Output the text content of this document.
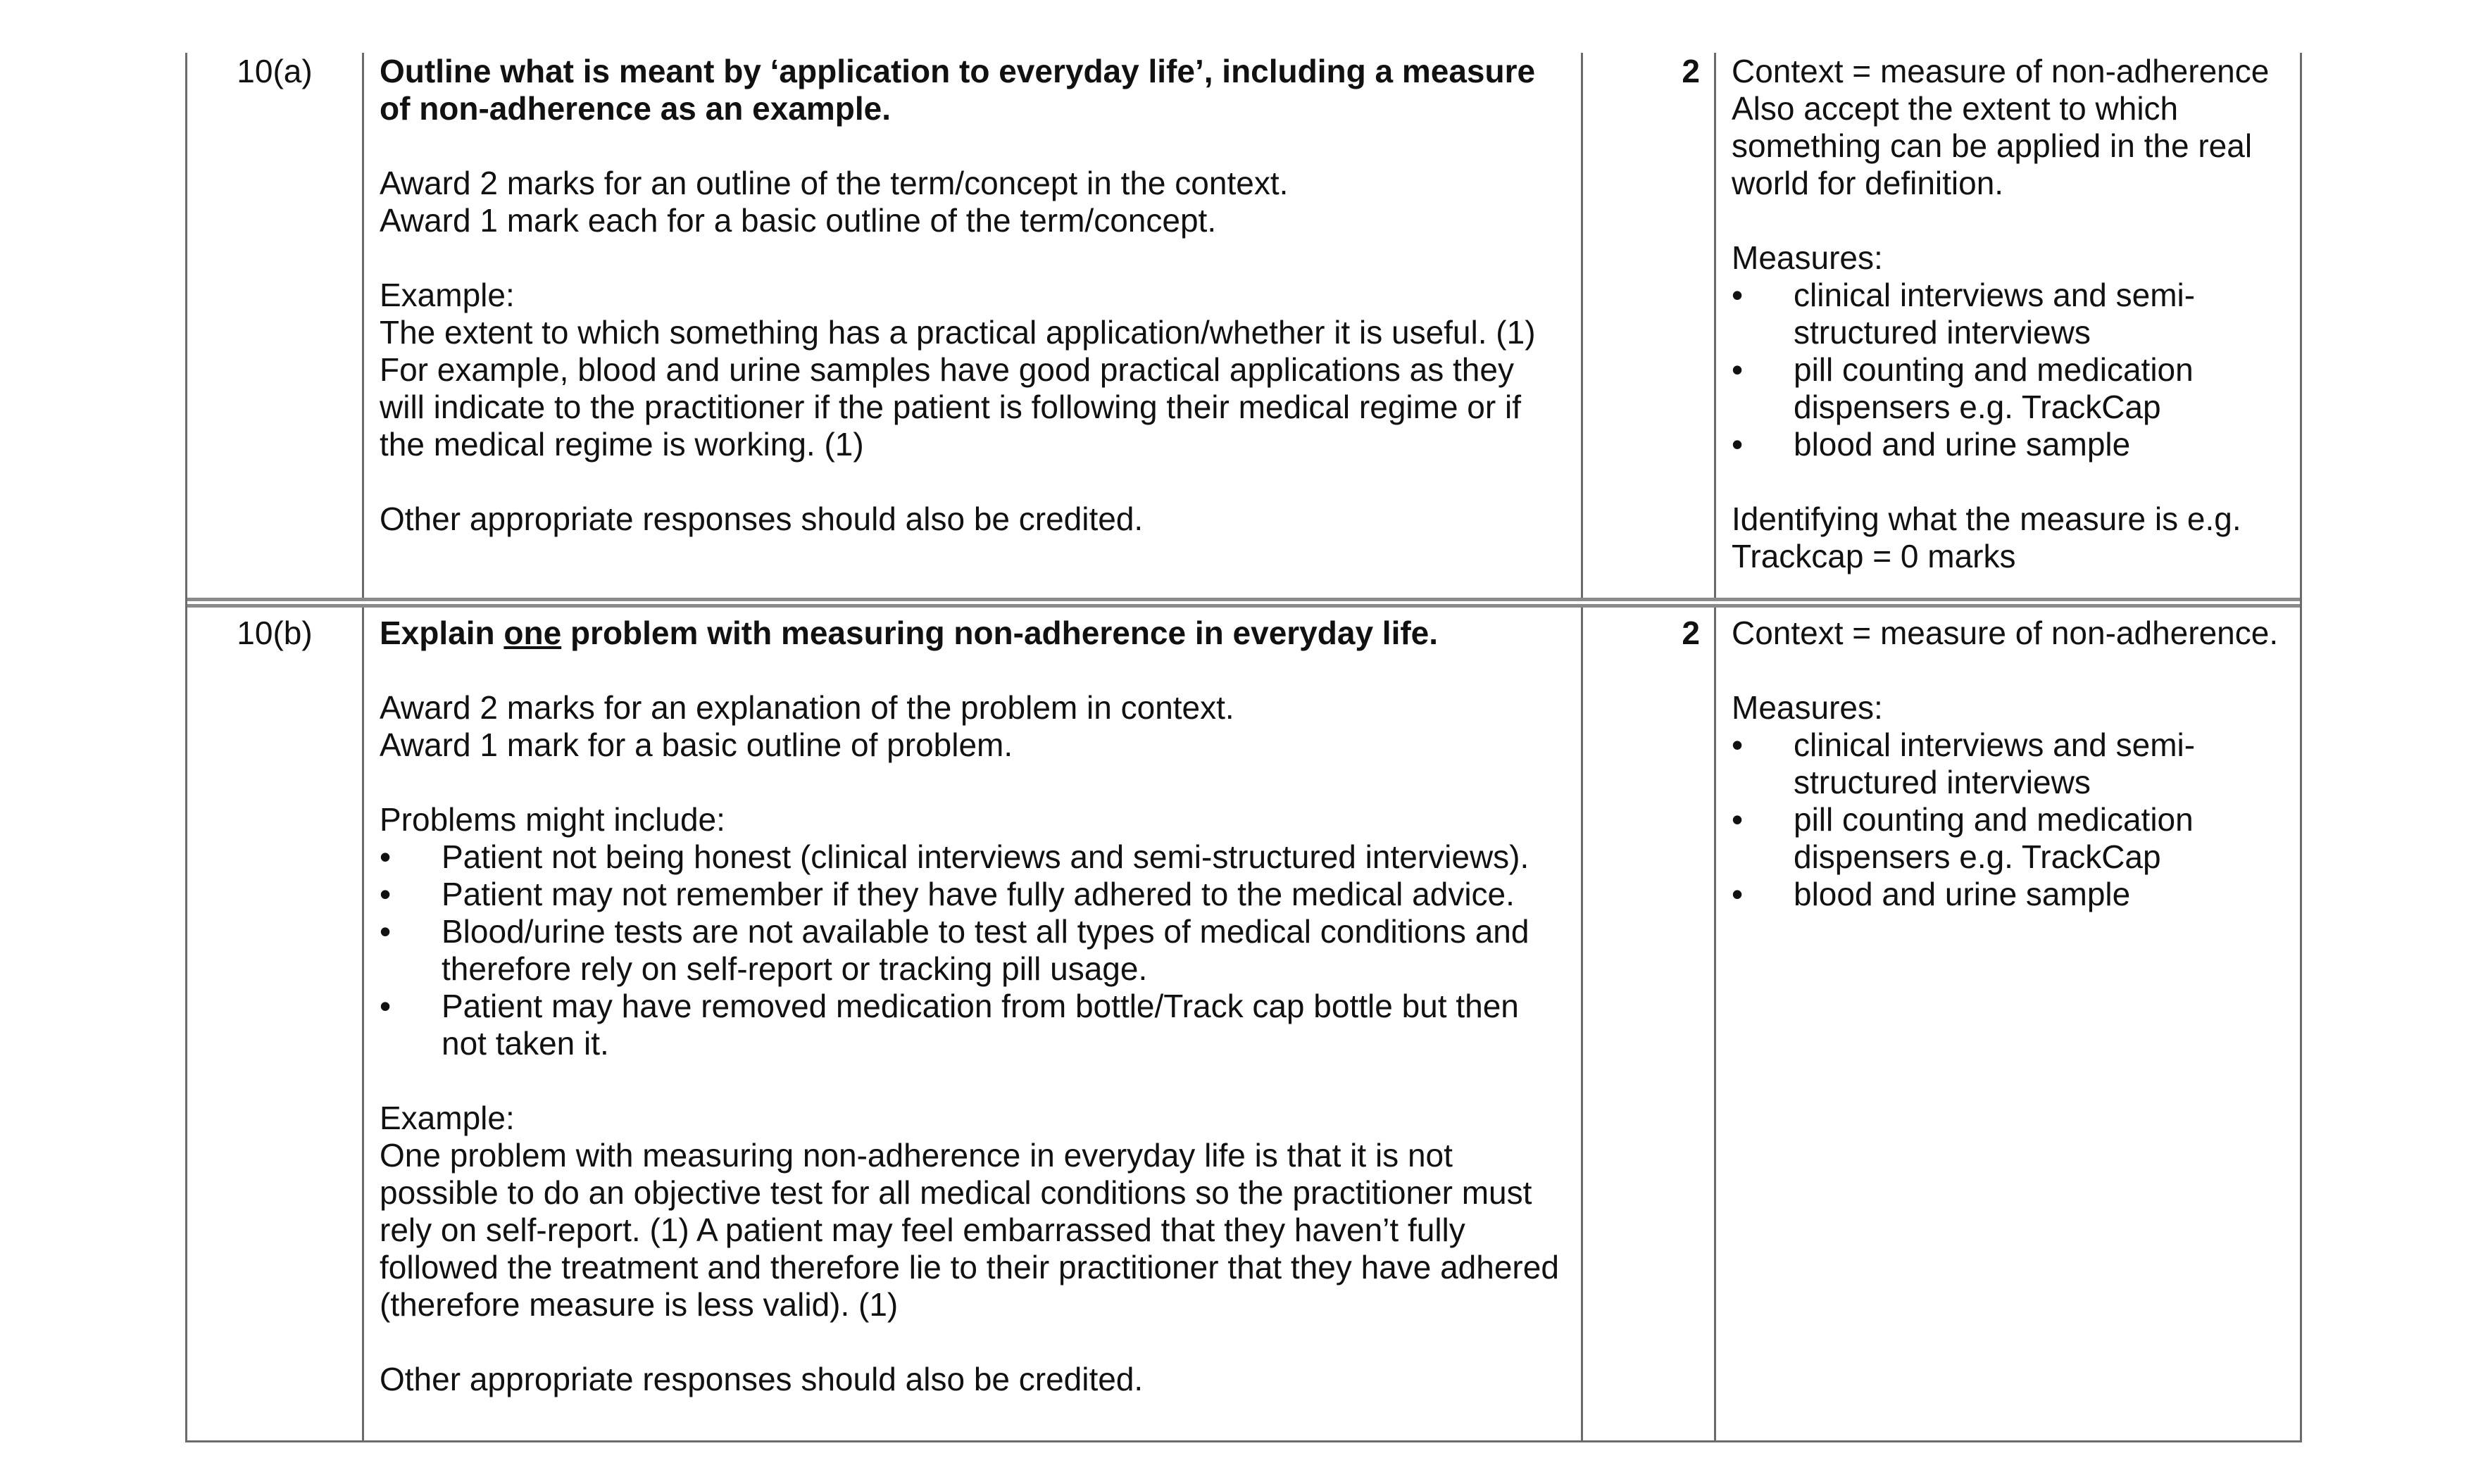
10(a)	Outline what is meant by ‘application to everyday life’, including a measure of non-adherence as an example.

Award 2 marks for an outline of the term/concept in the context.

Award 1 mark each for a basic outline of the term/concept.

Example:

The extent to which something has a practical application/whether it is useful. (1)

For example, blood and urine samples have good practical applications as they will indicate to the practitioner if the patient is following their medical regime or if the medical regime is working. (1)

Other appropriate responses should also be credited.

2 Context = measure of non-adherence

Also accept the extent to which something can be applied in the real world for definition.

Measures:

• clinical interviews and semi-structured interviews
• pill counting and medication dispensers e.g. TrackCap
• blood and urine sample

Identifying what the measure is e.g. Trackcap = 0 marks

10(b)	Explain one problem with measuring non-adherence in everyday life.

Award 2 marks for an explanation of the problem in context.

Award 1 mark for a basic outline of problem.

Problems might include:

• Patient not being honest (clinical interviews and semi-structured interviews).
• Patient may not remember if they have fully adhered to the medical advice.
• Blood/urine tests are not available to test all types of medical conditions and therefore rely on self-report or tracking pill usage.
• Patient may have removed medication from bottle/Track cap bottle but then not taken it.

Example:

One problem with measuring non-adherence in everyday life is that it is not possible to do an objective test for all medical conditions so the practitioner must rely on self-report. (1) A patient may feel embarrassed that they haven’t fully followed the treatment and therefore lie to their practitioner that they have adhered (therefore measure is less valid). (1)

Other appropriate responses should also be credited.

2 Context = measure of non-adherence.

Measures:

• clinical interviews and semi-structured interviews
• pill counting and medication dispensers e.g. TrackCap
• blood and urine sample
